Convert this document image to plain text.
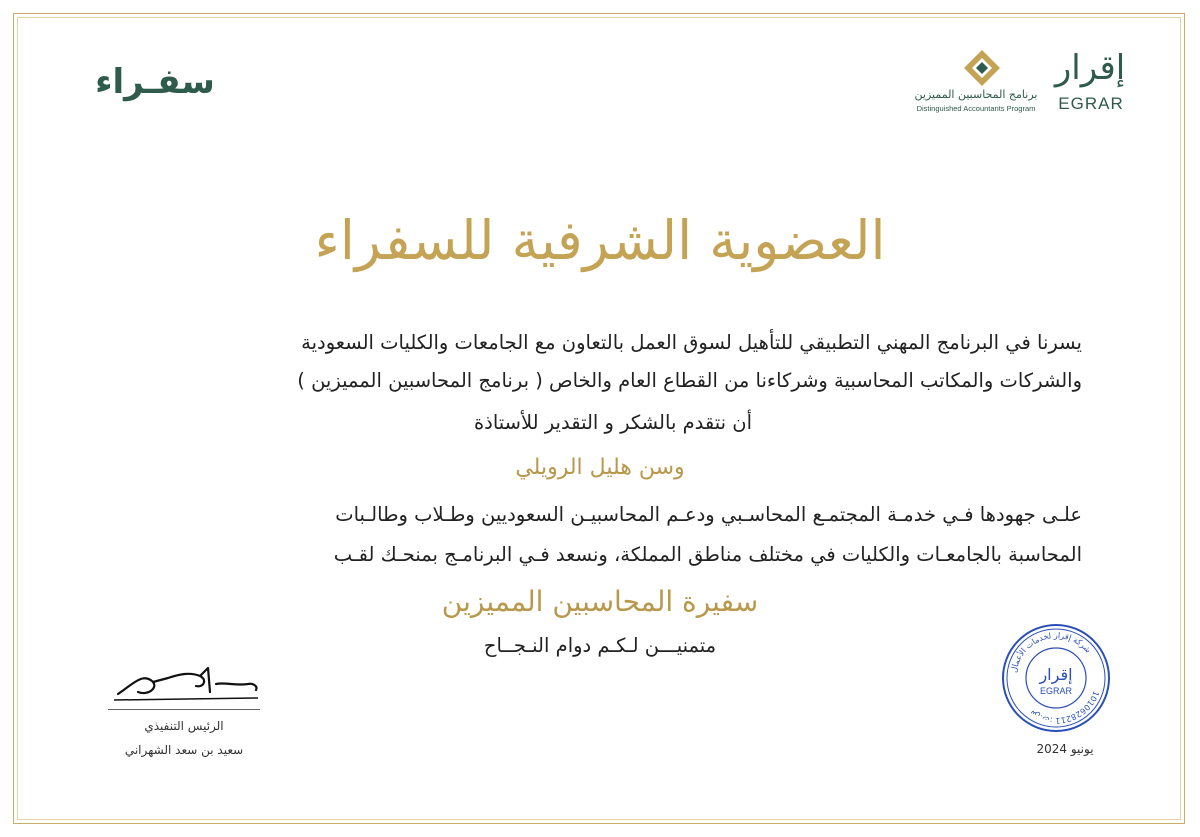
سفـراء	إقرار
EGRAR
برنامج المحاسبين المميزين
Distinguished Accountants Program
العضوية الشرفية للسفراء
يسرنا في البرنامج المهني التطبيقي للتأهيل لسوق العمل بالتعاون مع الجامعات والكليات السعودية
والشركات والمكاتب المحاسبية وشركاءنا من القطاع العام والخاص ( برنامج المحاسبين المميزين )
أن نتقدم بالشكر و التقدير للأستاذة
وسن هليل الرويلي
علـى جهودها فـي خدمـة المجتمـع المحاسـبي ودعـم المحاسبيـن السعوديين وطـلاب وطالـبات
المحاسبة بالجامعـات والكليات في مختلف مناطق المملكة، ونسعد فـي البرنامـج بمنحـك لقـب
سفيرة المحاسبين المميزين
متمنيـــن لـكـم دوام النـجــاح
الرئيس التنفيذي
سعيد بن سعد الشهراني
شركة إقرار لخدمات الأعمال
س.ت: 1010628211
إقرار
EGRAR
يونيو 2024
